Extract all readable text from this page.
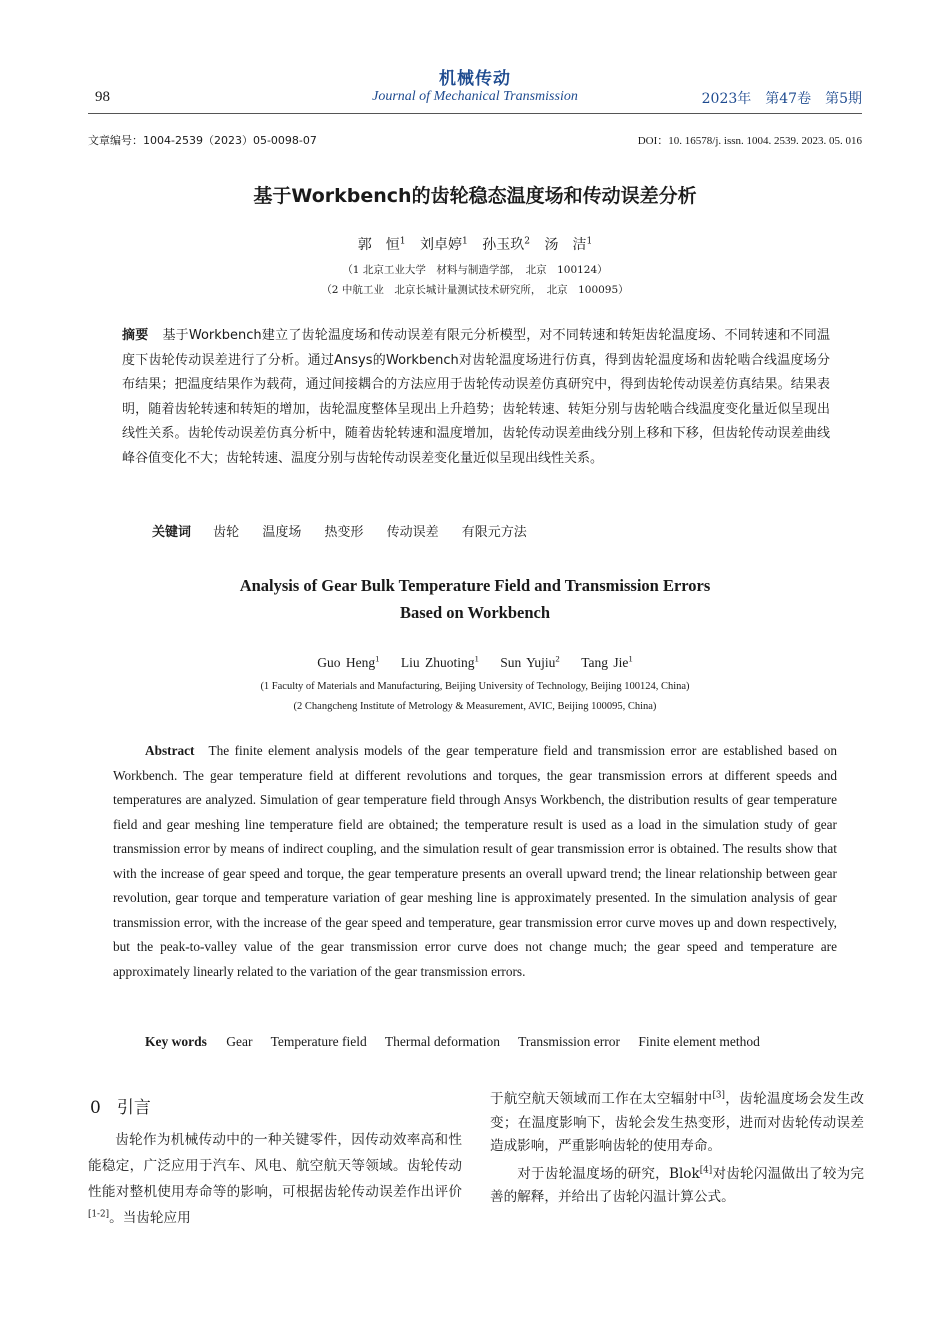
98
机械传动
Journal of Mechanical Transmission	2023年　第47卷　第5期
文章编号：1004-2539（2023）05-0098-07	DOI：10. 16578/j. issn. 1004. 2539. 2023. 05. 016
基于Workbench的齿轮稳态温度场和传动误差分析
郭　恒$^1$ 刘卓婷$^1$ 孙玉玖$^2$ 汤　洁$^1$
（1 北京工业大学　材料与制造学部，　北京　100124）
（2 中航工业　北京长城计量测试技术研究所，　北京　100095）
摘要 基于Workbench建立了齿轮温度场和传动误差有限元分析模型，对不同转速和转矩齿轮温度场、不同转速和不同温度下齿轮传动误差进行了分析。通过Ansys的Workbench对齿轮温度场进行仿真，得到齿轮温度场和齿轮啮合线温度场分布结果；把温度结果作为载荷，通过间接耦合的方法应用于齿轮传动误差仿真研究中，得到齿轮传动误差仿真结果。结果表明，随着齿轮转速和转矩的增加，齿轮温度整体呈现出上升趋势；齿轮转速、转矩分别与齿轮啮合线温度变化量近似呈现出线性关系。齿轮传动误差仿真分析中，随着齿轮转速和温度增加，齿轮传动误差曲线分别上移和下移，但齿轮传动误差曲线峰谷值变化不大；齿轮转速、温度分别与齿轮传动误差变化量近似呈现出线性关系。
关键词 齿轮 温度场 热变形 传动误差 有限元方法
Analysis of Gear Bulk Temperature Field and Transmission Errors
Based on Workbench
Guo Heng$^1$ Liu Zhuoting$^1$ Sun Yujiu$^2$ Tang Jie$^1$
(1 Faculty of Materials and Manufacturing, Beijing University of Technology, Beijing 100124, China)
(2 Changcheng Institute of Metrology & Measurement, AVIC, Beijing 100095, China)
Abstract The finite element analysis models of the gear temperature field and transmission error are established based on Workbench. The gear temperature field at different revolutions and torques, the gear transmission errors at different speeds and temperatures are analyzed. Simulation of gear temperature field through Ansys Workbench, the distribution results of gear temperature field and gear meshing line temperature field are obtained; the temperature result is used as a load in the simulation study of gear transmission error by means of indirect coupling, and the simulation result of gear transmission error is obtained. The results show that with the increase of gear speed and torque, the gear temperature presents an overall upward trend; the linear relationship between gear revolution, gear torque and temperature variation of gear meshing line is approximately presented. In the simulation analysis of gear transmission error, with the increase of the gear speed and temperature, gear transmission error curve moves up and down respectively, but the peak-to-valley value of the gear transmission error curve does not change much; the gear speed and temperature are approximately linearly related to the variation of the gear transmission errors.
Key words Gear Temperature field Thermal deformation Transmission error Finite element method
0 引言
齿轮作为机械传动中的一种关键零件，因传动效率高和性能稳定，广泛应用于汽车、风电、航空航天等领域。齿轮传动性能对整机使用寿命等的影响，可根据齿轮传动误差作出评价[1-2]。当齿轮应用

于航空航天领域而工作在太空辐射中[3]，齿轮温度场会发生改变；在温度影响下，齿轮会发生热变形，进而对齿轮传动误差造成影响，严重影响齿轮的使用寿命。

对于齿轮温度场的研究，Blok[4]对齿轮闪温做出了较为完善的解释，并给出了齿轮闪温计算公式。
